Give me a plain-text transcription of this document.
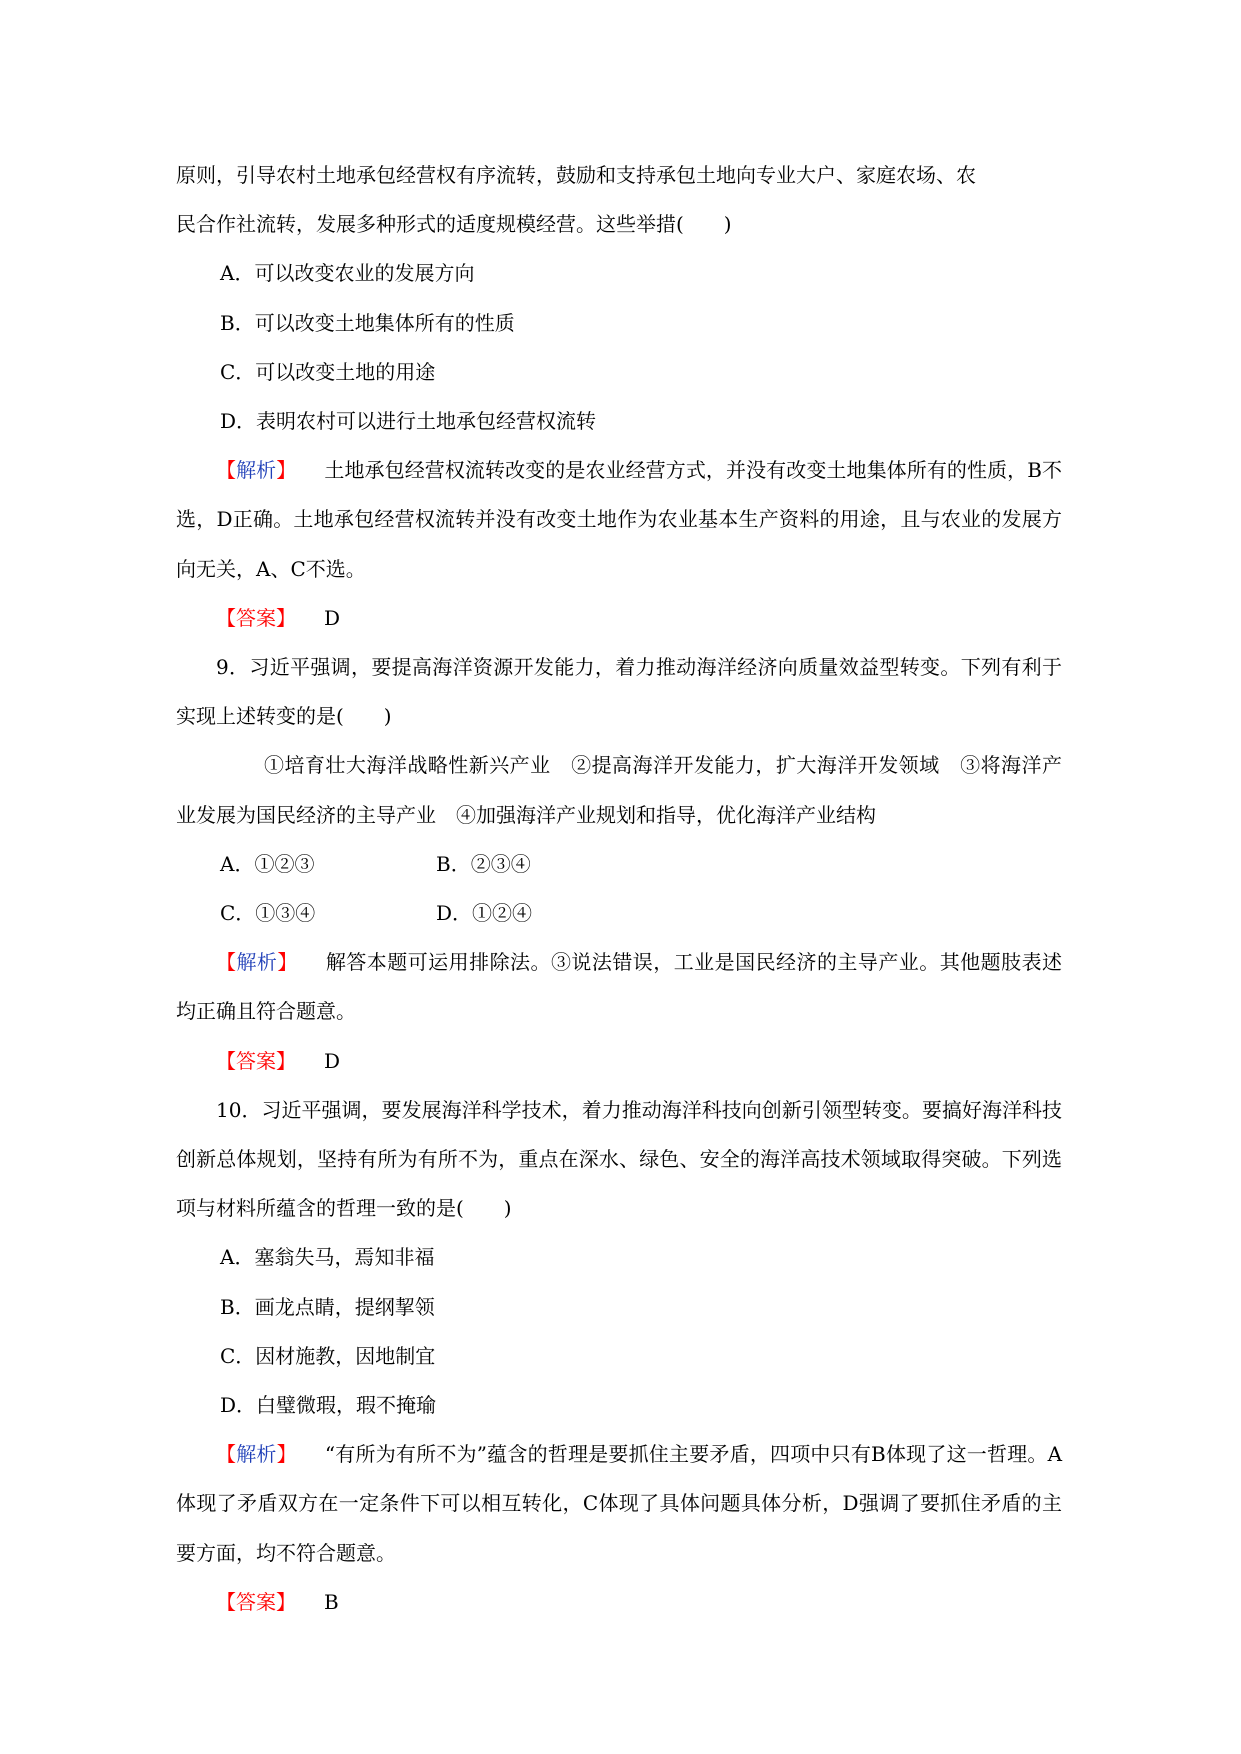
原则，引导农村土地承包经营权有序流转，鼓励和支持承包土地向专业大户、家庭农场、农

民合作社流转，发展多种形式的适度规模经营。这些举措(　　)

A．可以改变农业的发展方向

B．可以改变土地集体所有的性质

C．可以改变土地的用途

D．表明农村可以进行土地承包经营权流转

【解析】 土地承包经营权流转改变的是农业经营方式，并没有改变土地集体所有的性质，B不选，D正确。土地承包经营权流转并没有改变土地作为农业基本生产资料的用途，且与农业的发展方向无关，A、C不选。

【答案】 D

9．习近平强调，要提高海洋资源开发能力，着力推动海洋经济向质量效益型转变。下列有利于实现上述转变的是(　　)

①培育壮大海洋战略性新兴产业　②提高海洋开发能力，扩大海洋开发领域　③将海洋产业发展为国民经济的主导产业　④加强海洋产业规划和指导，优化海洋产业结构

A．①②③	B．②③④
C．①③④	D．①②④

【解析】 解答本题可运用排除法。③说法错误，工业是国民经济的主导产业。其他题肢表述均正确且符合题意。

【答案】 D

10．习近平强调，要发展海洋科学技术，着力推动海洋科技向创新引领型转变。要搞好海洋科技创新总体规划，坚持有所为有所不为，重点在深水、绿色、安全的海洋高技术领域取得突破。下列选项与材料所蕴含的哲理一致的是(　　)

A．塞翁失马，焉知非福

B．画龙点睛，提纲挈领

C．因材施教，因地制宜

D．白璧微瑕，瑕不掩瑜

【解析】 “有所为有所不为”蕴含的哲理是要抓住主要矛盾，四项中只有B体现了这一哲理。A体现了矛盾双方在一定条件下可以相互转化，C体现了具体问题具体分析，D强调了要抓住矛盾的主要方面，均不符合题意。

【答案】 B
